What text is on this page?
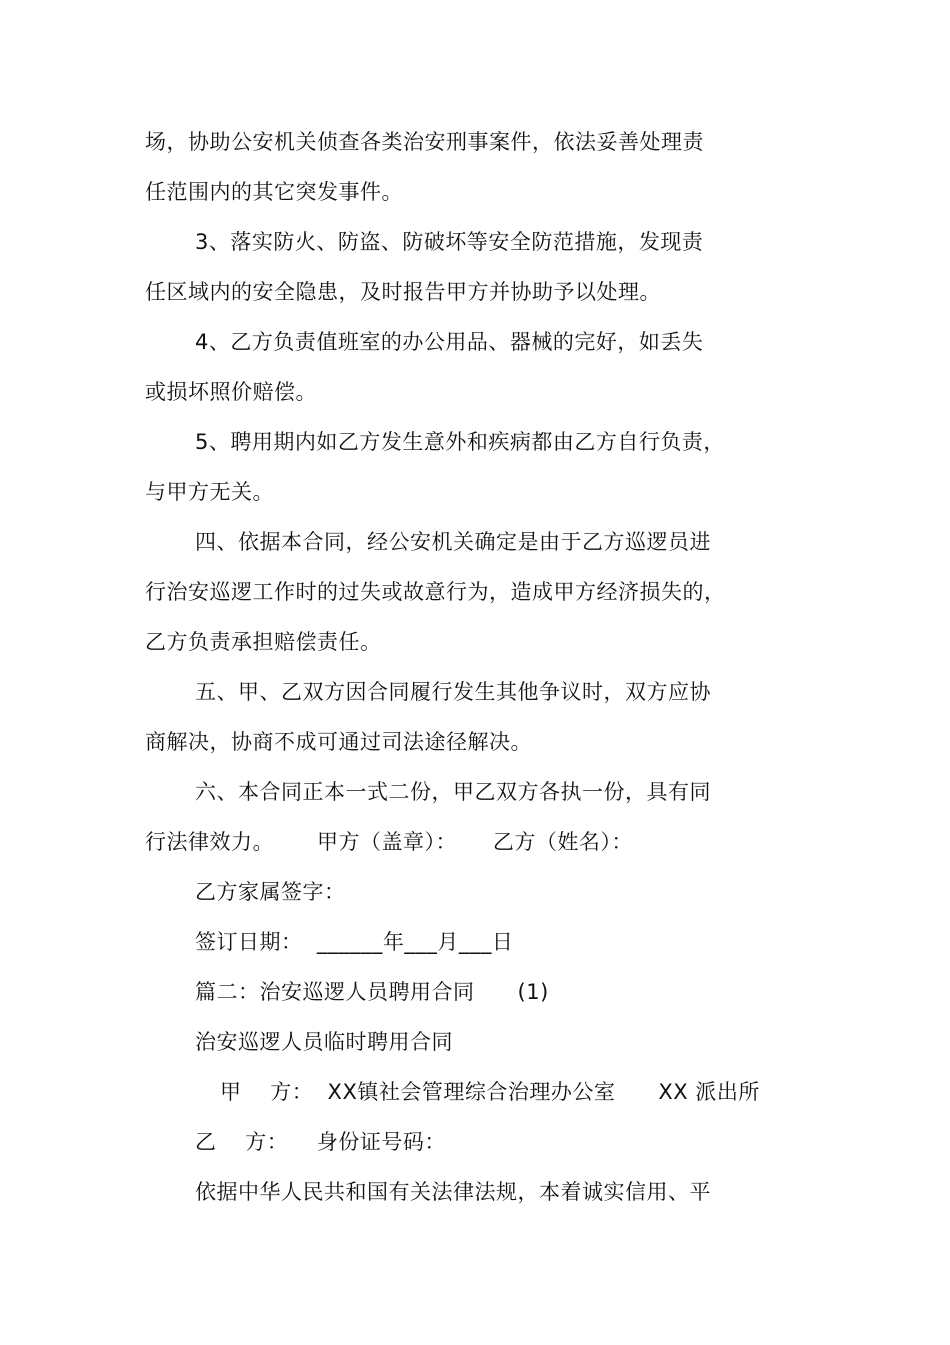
场，协助公安机关侦查各类治安刑事案件，依法妥善处理责
任范围内的其它突发事件。
3、落实防火、防盗、防破坏等安全防范措施，发现责
任区域内的安全隐患，及时报告甲方并协助予以处理。
4、乙方负责值班室的办公用品、器械的完好，如丢失
或损坏照价赔偿。
5、聘用期内如乙方发生意外和疾病都由乙方自行负责，
与甲方无关。
四、依据本合同，经公安机关确定是由于乙方巡逻员进
行治安巡逻工作时的过失或故意行为，造成甲方经济损失的，
乙方负责承担赔偿责任。
五、甲、乙双方因合同履行发生其他争议时，双方应协
商解决，协商不成可通过司法途径解决。
六、本合同正本一式二份，甲乙双方各执一份，具有同
行法律效力。      甲方（盖章）：     乙方（姓名）：
乙方家属签字：
签订日期：  ______年___月___日
篇二：治安巡逻人员聘用合同      (1)
治安巡逻人员临时聘用合同
甲    方：  XX镇社会管理综合治理办公室      XX 派出所
乙    方：    身份证号码：
依据中华人民共和国有关法律法规，本着诚实信用、平
